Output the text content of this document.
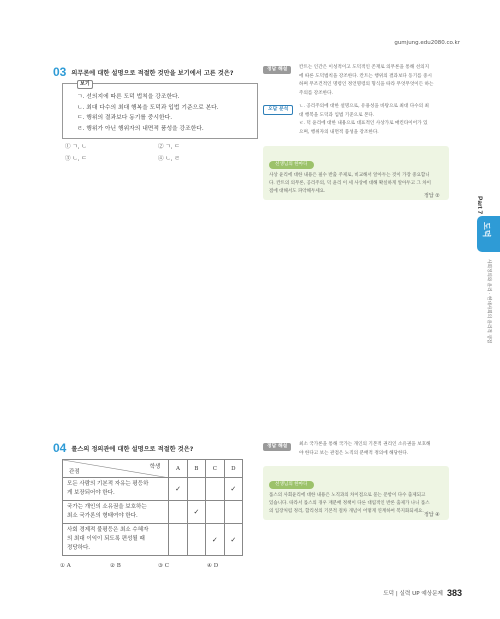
gumjung.edu2080.co.kr
03 의무론에 대한 설명으로 적절한 것만을 보기에서 고른 것은?
보기
ㄱ. 선의지에 따른 도덕 법칙을 강조한다.
ㄴ. 최대 다수의 최대 행복을 도덕과 입법 기준으로 본다.
ㄷ. 행위의 결과보다 동기를 중시한다.
ㄹ. 행위가 아닌 행위자의 내면적 품성을 강조한다.
① ㄱ, ㄴ	② ㄱ, ㄷ
③ ㄴ, ㄷ	④ ㄴ, ㄹ
정답 해설	칸트는 인간은 이성적이고 도덕적인 존재로 의무론을 통해 선의지
에 따른 도덕법칙을 강조한다. 칸트는 행위의 결과보다 동기를 중시
하며 무조건적인 명령인 정언명령의 형식을 따라 무엇무엇이든 하는
주의를 강조한다.
오답 분석
ㄴ. 공리주의에 대한 설명으로, 유용성을 바탕으로 최대 다수의 최
대 행복을 도덕과 입법 기준으로 본다.
ㄹ. 덕 윤리에 대한 내용으로 대표적인 사상가로 매킨타이어가 있
으며, 행위자의 내면적 품성을 강조한다.
선생님의 한마디
사상 윤리에 대한 내용은 필수 반출 주제로, 비교해서 알아두는 것이 가장 중요합니
다. 칸트의 의무론, 공리주의, 덕 윤리 이 세 사상에 대해 확실하게 알아두고 그 차이
점에 대해서도 파악해두세요.
정답 ②	Part 7
도덕
사회정의와 윤리 · 현대사회의 윤리적 쟁점
04 롤스의 정의관에 대한 설명으로 적절한 것은?
학생
관점	A	B	C	D

모든 사람의 기본적 자유는 평등하
게 보장되어야 한다.	✓			✓

국가는 개인의 소유권을 보호하는
최소 국가론의 형태여야 한다.		✓		

사회 경제적 불평등은 최소 수혜자
의 최대 이익이 되도록 편성될 때
정당하다.			✓	✓
① A	② B	③ C	④ D
정답 해설	최소 국가론을 통해 국가는 개인의 기본적 권리인 소유권을 보호해
야 한다고 보는 관점은 노직의 분배적 정의에 해당한다.
선생님의 한마디
롤스의 사회윤리에 대한 내용은 노직과의 차이점으로 묻는 문항이 다수 출제되고
있습니다. 따라서 롤스의 경우 재분배 정책이 다른 대립적인 반론 출제가 나니 롤스
의 입장처럼 정리, 합리성의 기본적 절차 개념이 어떻게 연계하여 복지화되세요.
정답 ④
도덕 | 실력 UP 예상문제 383
